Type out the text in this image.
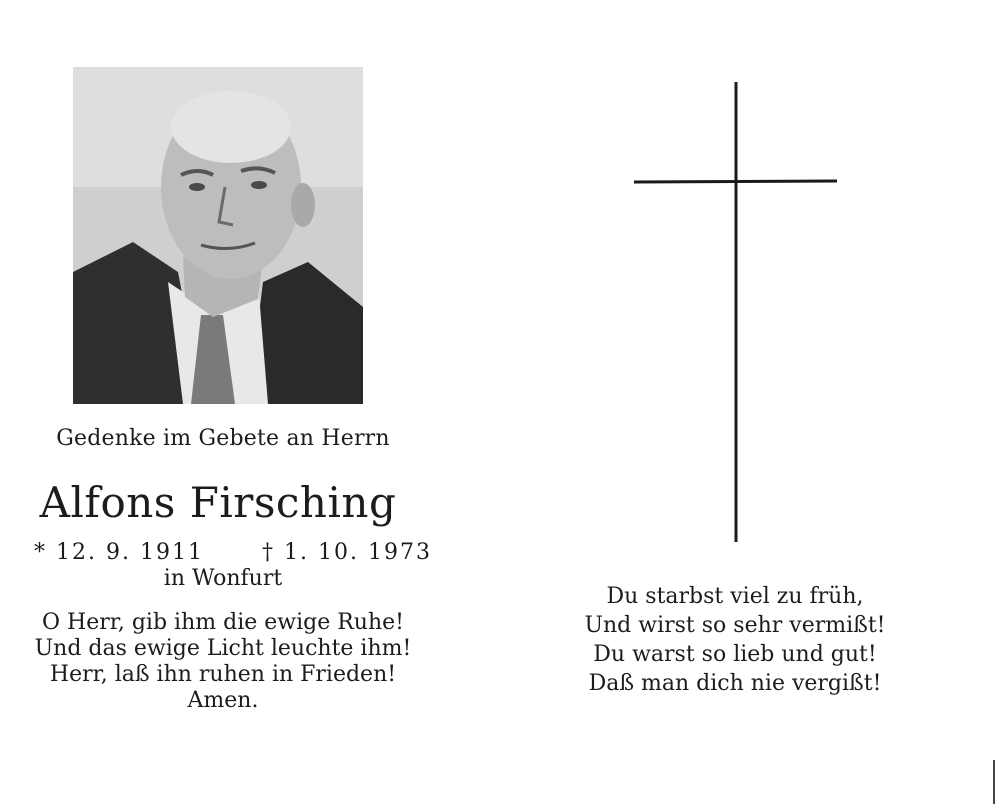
Gedenke im Gebete an Herrn
Alfons Firsching
* 12. 9. 1911	† 1. 10. 1973
in Wonfurt
O Herr, gib ihm die ewige Ruhe!
Und das ewige Licht leuchte ihm!
Herr, laß ihn ruhen in Frieden!
Amen.
Du starbst viel zu früh,
Und wirst so sehr vermißt!
Du warst so lieb und gut!
Daß man dich nie vergißt!
